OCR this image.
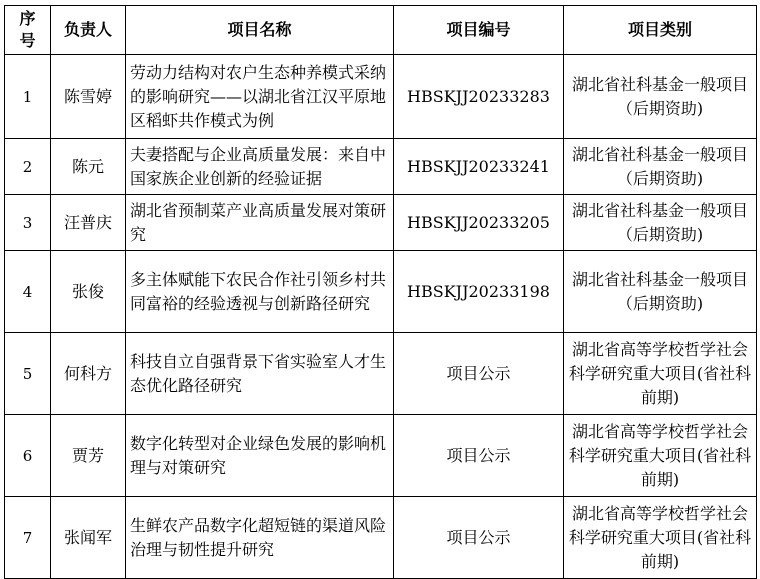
序
号	负责人	项目名称	项目编号	项目类别
1	陈雪婷	劳动力结构对农户生态种养模式采纳的影响研究——以湖北省江汉平原地区稻虾共作模式为例	HBSKJJ20233283	湖北省社科基金一般项目（后期资助)
2	陈元	夫妻搭配与企业高质量发展：来自中国家族企业创新的经验证据	HBSKJJ20233241	湖北省社科基金一般项目（后期资助)
3	汪普庆	湖北省预制菜产业高质量发展对策研究	HBSKJJ20233205	湖北省社科基金一般项目（后期资助)
4	张俊	多主体赋能下农民合作社引领乡村共同富裕的经验透视与创新路径研究	HBSKJJ20233198	湖北省社科基金一般项目（后期资助)
5	何科方	科技自立自强背景下省实验室人才生态优化路径研究	项目公示	湖北省高等学校哲学社会科学研究重大项目(省社科前期)
6	贾芳	数字化转型对企业绿色发展的影响机理与对策研究	项目公示	湖北省高等学校哲学社会科学研究重大项目(省社科前期)
7	张闻军	生鲜农产品数字化超短链的渠道风险治理与韧性提升研究	项目公示	湖北省高等学校哲学社会科学研究重大项目(省社科前期)
